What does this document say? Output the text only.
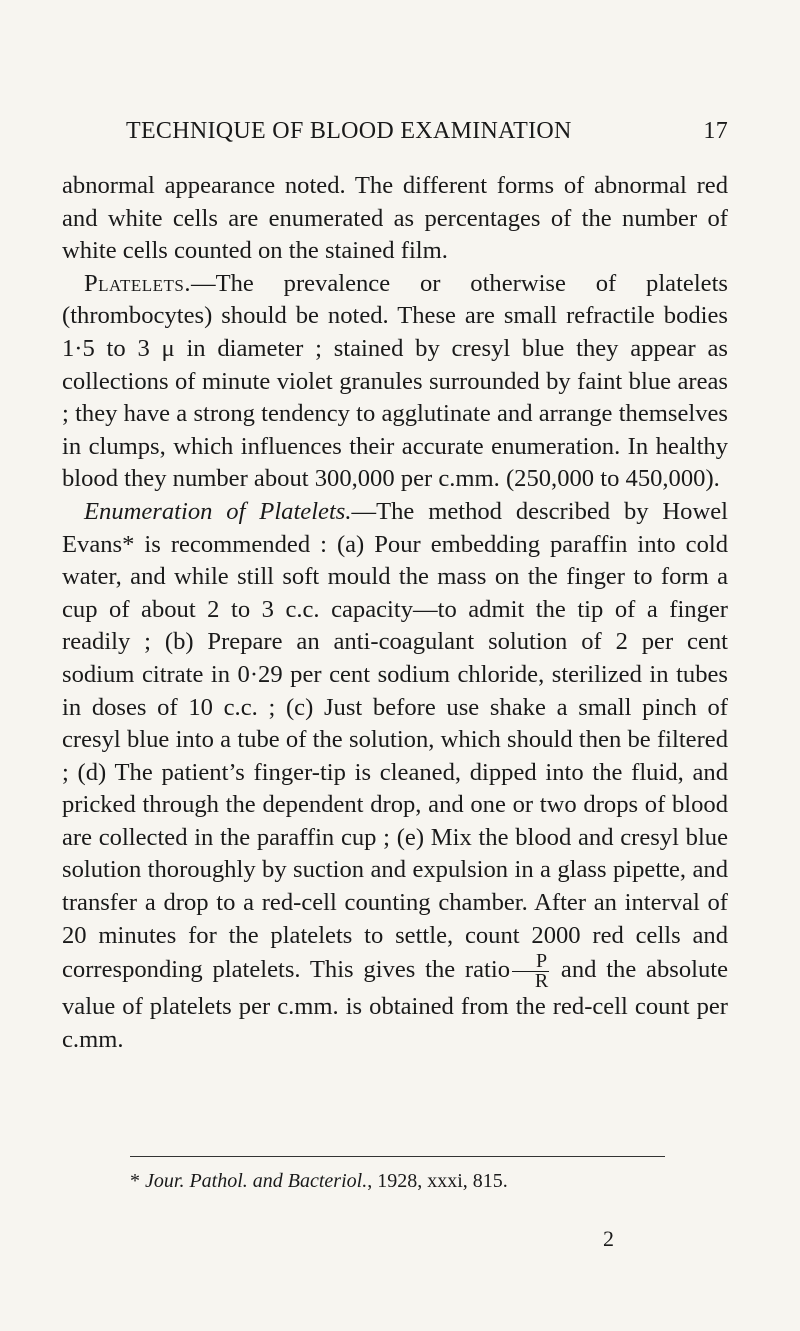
TECHNIQUE OF BLOOD EXAMINATION	17

abnormal appearance noted. The different forms of abnormal red and white cells are enumerated as percentages of the number of white cells counted on the stained film.

Platelets.—The prevalence or otherwise of platelets (thrombocytes) should be noted. These are small refractile bodies 1·5 to 3 μ in diameter ; stained by cresyl blue they appear as collections of minute violet granules surrounded by faint blue areas ; they have a strong tendency to agglutinate and arrange themselves in clumps, which influences their accurate enumeration. In healthy blood they number about 300,000 per c.mm. (250,000 to 450,000).

Enumeration of Platelets.—The method described by Howel Evans* is recommended : (a) Pour embedding paraffin into cold water, and while still soft mould the mass on the finger to form a cup of about 2 to 3 c.c. capacity—to admit the tip of a finger readily ; (b) Prepare an anti-coagulant solution of 2 per cent sodium citrate in 0·29 per cent sodium chloride, sterilized in tubes in doses of 10 c.c. ; (c) Just before use shake a small pinch of cresyl blue into a tube of the solution, which should then be filtered ; (d) The patient’s finger-tip is cleaned, dipped into the fluid, and pricked through the dependent drop, and one or two drops of blood are collected in the paraffin cup ; (e) Mix the blood and cresyl blue solution thoroughly by suction and expulsion in a glass pipette, and transfer a drop to a red-cell counting chamber. After an interval of 20 minutes for the platelets to settle, count 2000 red cells and corresponding platelets. This gives the ratio $\frac{P}{R}$ and the absolute value of platelets per c.mm. is obtained from the red-cell count per c.mm.

* Jour. Pathol. and Bacteriol., 1928, xxxi, 815.
2
